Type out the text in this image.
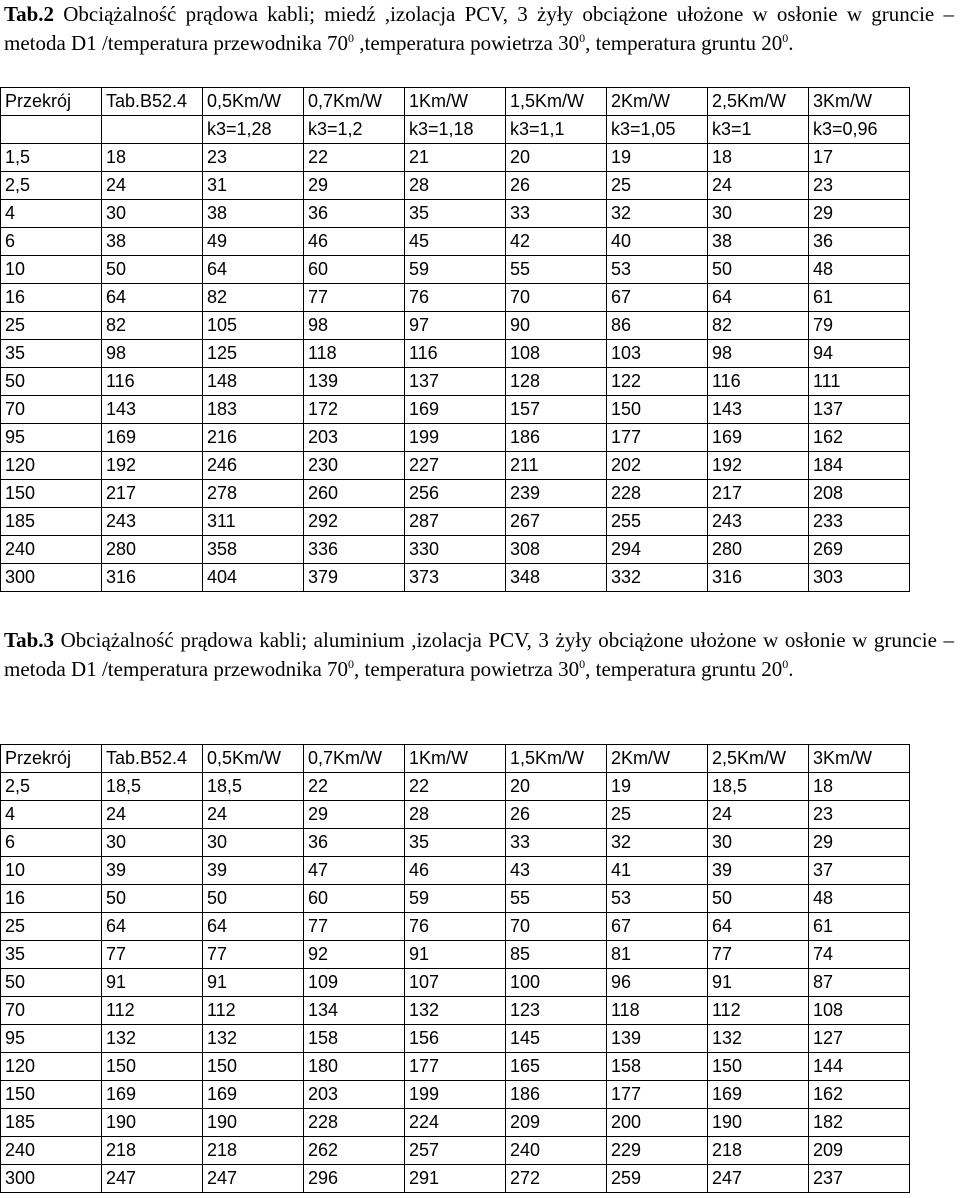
Tab.2 Obciążalność prądowa kabli; miedź ,izolacja PCV, 3 żyły obciążone ułożone w osłonie w gruncie –metoda D1 /temperatura przewodnika $70^0$ ,temperatura powietrza $30^0$, temperatura gruntu $20^0$.
Przekrój	Tab.B52.4	0,5Km/W	0,7Km/W	1Km/W	1,5Km/W	2Km/W	2,5Km/W	3Km/W
		k3=1,28	k3=1,2	k3=1,18	k3=1,1	k3=1,05	k3=1	k3=0,96
1,5	18	23	22	21	20	19	18	17
2,5	24	31	29	28	26	25	24	23
4	30	38	36	35	33	32	30	29
6	38	49	46	45	42	40	38	36
10	50	64	60	59	55	53	50	48
16	64	82	77	76	70	67	64	61
25	82	105	98	97	90	86	82	79
35	98	125	118	116	108	103	98	94
50	116	148	139	137	128	122	116	111
70	143	183	172	169	157	150	143	137
95	169	216	203	199	186	177	169	162
120	192	246	230	227	211	202	192	184
150	217	278	260	256	239	228	217	208
185	243	311	292	287	267	255	243	233
240	280	358	336	330	308	294	280	269
300	316	404	379	373	348	332	316	303
Tab.3 Obciążalność prądowa kabli; aluminium ,izolacja PCV, 3 żyły obciążone ułożone w osłonie w gruncie –metoda D1 /temperatura przewodnika $70^0$, temperatura powietrza $30^0$, temperatura gruntu $20^0$.
Przekrój	Tab.B52.4	0,5Km/W	0,7Km/W	1Km/W	1,5Km/W	2Km/W	2,5Km/W	3Km/W
2,5	18,5	18,5	22	22	20	19	18,5	18
4	24	24	29	28	26	25	24	23
6	30	30	36	35	33	32	30	29
10	39	39	47	46	43	41	39	37
16	50	50	60	59	55	53	50	48
25	64	64	77	76	70	67	64	61
35	77	77	92	91	85	81	77	74
50	91	91	109	107	100	96	91	87
70	112	112	134	132	123	118	112	108
95	132	132	158	156	145	139	132	127
120	150	150	180	177	165	158	150	144
150	169	169	203	199	186	177	169	162
185	190	190	228	224	209	200	190	182
240	218	218	262	257	240	229	218	209
300	247	247	296	291	272	259	247	237
